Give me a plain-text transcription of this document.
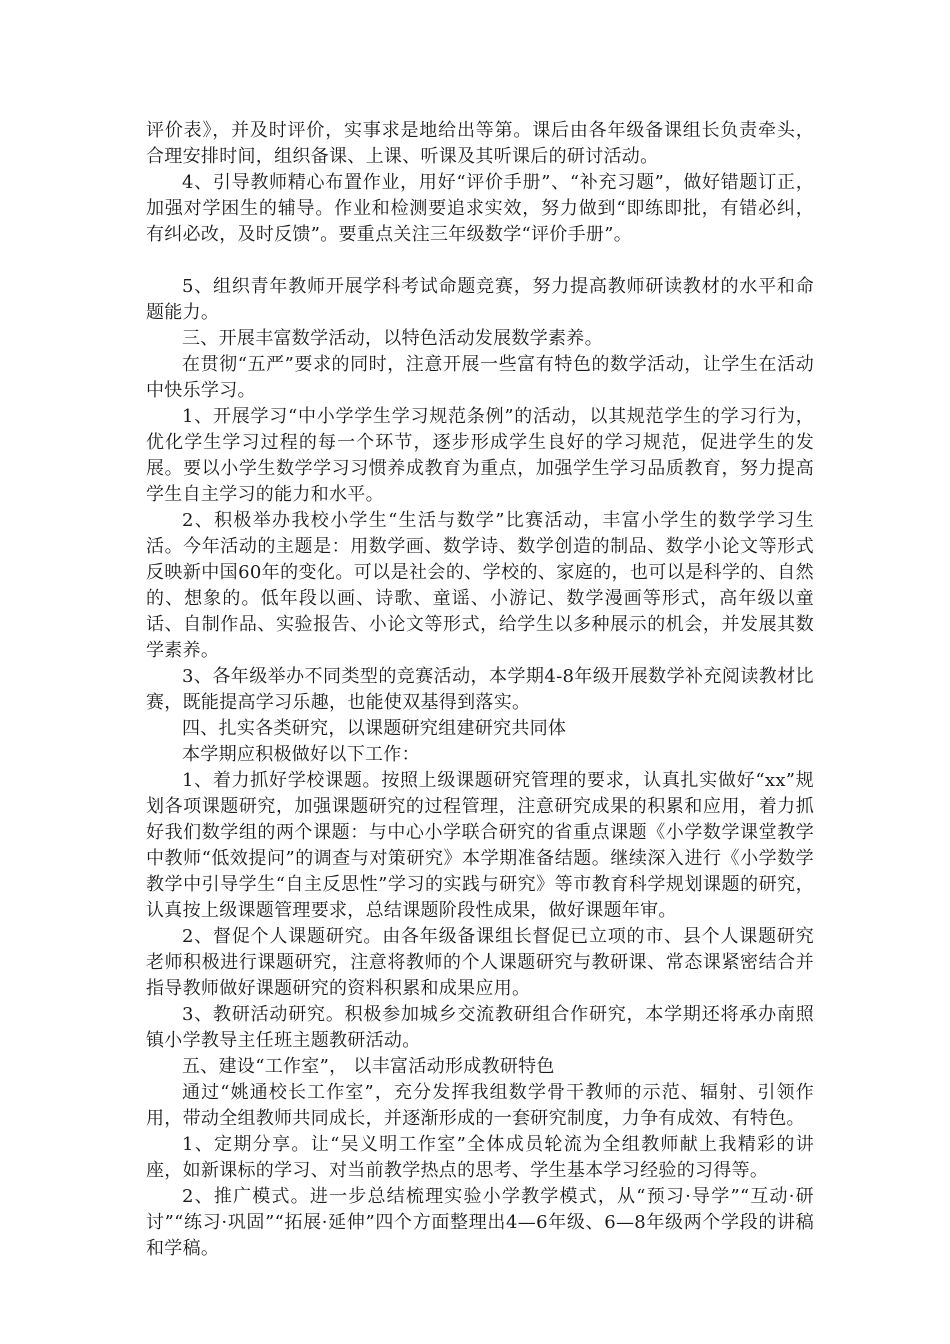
评价表》，并及时评价，实事求是地给出等第。课后由各年级备课组长负责牵头，合理安排时间，组织备课、上课、听课及其听课后的研讨活动。

4、引导教师精心布置作业，用好“评价手册”、“补充习题”，做好错题订正，加强对学困生的辅导。作业和检测要追求实效，努力做到“即练即批，有错必纠，有纠必改，及时反馈”。要重点关注三年级数学“评价手册”。

5、组织青年教师开展学科考试命题竞赛，努力提高教师研读教材的水平和命题能力。

三、开展丰富数学活动，以特色活动发展数学素养。

在贯彻“五严”要求的同时，注意开展一些富有特色的数学活动，让学生在活动中快乐学习。

1、开展学习“中小学学生学习规范条例”的活动，以其规范学生的学习行为，优化学生学习过程的每一个环节，逐步形成学生良好的学习规范，促进学生的发展。要以小学生数学学习习惯养成教育为重点，加强学生学习品质教育，努力提高学生自主学习的能力和水平。

2、积极举办我校小学生“生活与数学”比赛活动，丰富小学生的数学学习生活。今年活动的主题是：用数学画、数学诗、数学创造的制品、数学小论文等形式反映新中国60年的变化。可以是社会的、学校的、家庭的，也可以是科学的、自然的、想象的。低年段以画、诗歌、童谣、小游记、数学漫画等形式，高年级以童话、自制作品、实验报告、小论文等形式，给学生以多种展示的机会，并发展其数学素养。

3、各年级举办不同类型的竞赛活动，本学期4-8年级开展数学补充阅读教材比赛，既能提高学习乐趣，也能使双基得到落实。

四、扎实各类研究，以课题研究组建研究共同体

本学期应积极做好以下工作：

1、着力抓好学校课题。按照上级课题研究管理的要求，认真扎实做好“xx”规划各项课题研究，加强课题研究的过程管理，注意研究成果的积累和应用，着力抓好我们数学组的两个课题：与中心小学联合研究的省重点课题《小学数学课堂教学中教师“低效提问”的调查与对策研究》本学期准备结题。继续深入进行《小学数学教学中引导学生“自主反思性”学习的实践与研究》等市教育科学规划课题的研究，认真按上级课题管理要求，总结课题阶段性成果，做好课题年审。

2、督促个人课题研究。由各年级备课组长督促已立项的市、县个人课题研究老师积极进行课题研究，注意将教师的个人课题研究与教研课、常态课紧密结合并指导教师做好课题研究的资料积累和成果应用。

3、教研活动研究。积极参加城乡交流教研组合作研究，本学期还将承办南照镇小学教导主任班主题教研活动。

五、建设“工作室”， 以丰富活动形成教研特色

通过“姚通校长工作室”，充分发挥我组数学骨干教师的示范、辐射、引领作用，带动全组教师共同成长，并逐渐形成的一套研究制度，力争有成效、有特色。

1、定期分享。让“吴义明工作室”全体成员轮流为全组教师献上我精彩的讲座，如新课标的学习、对当前教学热点的思考、学生基本学习经验的习得等。

2、推广模式。进一步总结梳理实验小学教学模式，从“预习·导学”“互动·研讨”“练习·巩固”“拓展·延伸”四个方面整理出4—6年级、6—8年级两个学段的讲稿和学稿。
